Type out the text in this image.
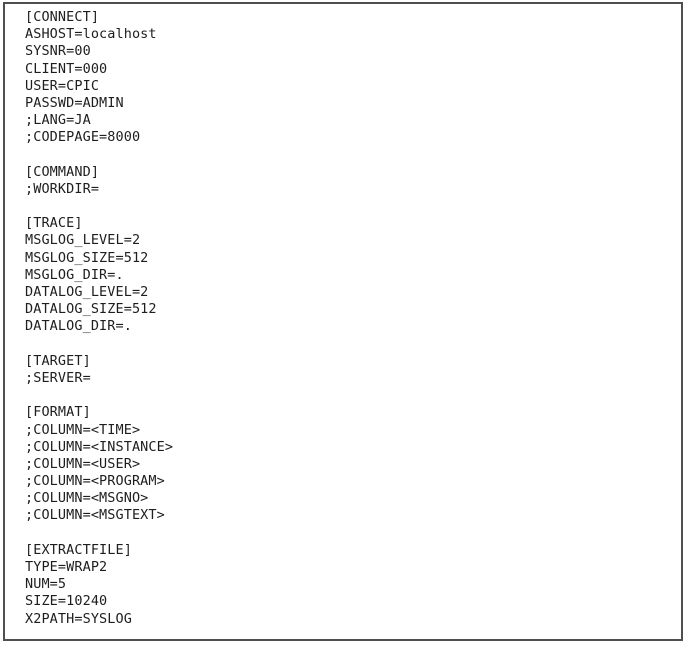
[CONNECT]
ASHOST=localhost
SYSNR=00
CLIENT=000
USER=CPIC
PASSWD=ADMIN
;LANG=JA
;CODEPAGE=8000
[COMMAND]
;WORKDIR=
[TRACE]
MSGLOG_LEVEL=2
MSGLOG_SIZE=512
MSGLOG_DIR=.
DATALOG_LEVEL=2
DATALOG_SIZE=512
DATALOG_DIR=.
[TARGET]
;SERVER=
[FORMAT]
;COLUMN=<TIME>
;COLUMN=<INSTANCE>
;COLUMN=<USER>
;COLUMN=<PROGRAM>
;COLUMN=<MSGNO>
;COLUMN=<MSGTEXT>
[EXTRACTFILE]
TYPE=WRAP2
NUM=5
SIZE=10240
X2PATH=SYSLOG
